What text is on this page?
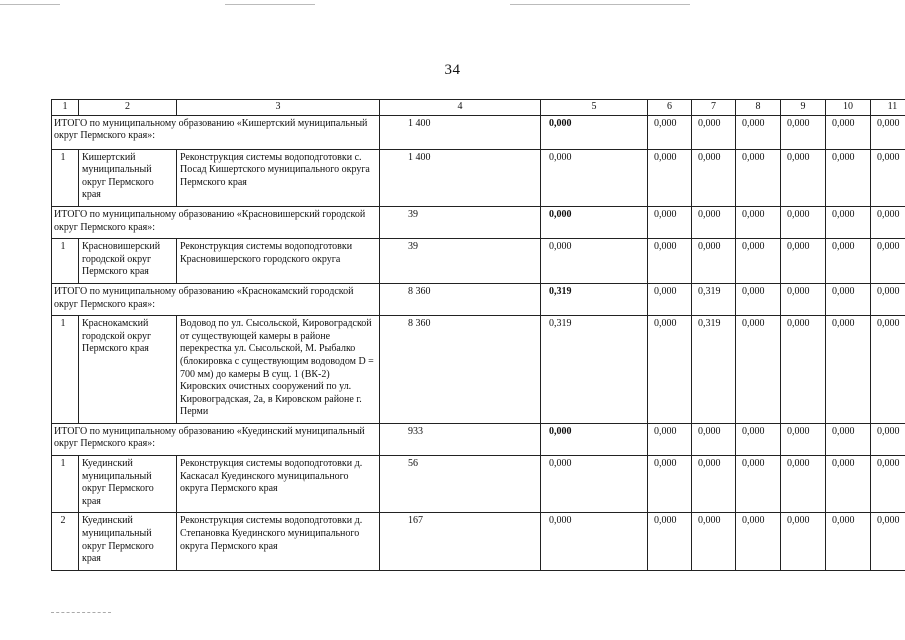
34
1	2	3	4	5	6	7	8	9	10	11
ИТОГО по муниципальному образованию «Кишертский муниципальный округ Пермского края»:			1 400	0,000	0,000	0,000	0,000	0,000	0,000	0,000
1	Кишертский муниципальный округ Пермского края	Реконструкция системы водоподготовки с. Посад Кишертского муниципального округа Пермского края	1 400	0,000	0,000	0,000	0,000	0,000	0,000	0,000
ИТОГО по муниципальному образованию «Красновишерский городской округ Пермского края»:			39	0,000	0,000	0,000	0,000	0,000	0,000	0,000
1	Красновишерский городской округ Пермского края	Реконструкция системы водоподготовки Красновишерского городского округа	39	0,000	0,000	0,000	0,000	0,000	0,000	0,000
ИТОГО по муниципальному образованию «Краснокамский городской округ Пермского края»:			8 360	0,319	0,000	0,319	0,000	0,000	0,000	0,000
1	Краснокамский городской округ Пермского края	Водовод по ул. Сысольской, Кировоградской от существующей камеры в районе перекрестка ул. Сысольской, М. Рыбалко (блокировка с существующим водоводом D = 700 мм) до камеры В сущ. 1 (ВК-2) Кировских очистных сооружений по ул. Кировоградская, 2а, в Кировском районе г. Перми	8 360	0,319	0,000	0,319	0,000	0,000	0,000	0,000
ИТОГО по муниципальному образованию «Куединский муниципальный округ Пермского края»:			933	0,000	0,000	0,000	0,000	0,000	0,000	0,000
1	Куединский муниципальный округ Пермского края	Реконструкция системы водоподготовки д. Каскасал Куединского муниципального округа Пермского края	56	0,000	0,000	0,000	0,000	0,000	0,000	0,000
2	Куединский муниципальный округ Пермского края	Реконструкция системы водоподготовки д. Степановка Куединского муниципального округа Пермского края	167	0,000	0,000	0,000	0,000	0,000	0,000	0,000
